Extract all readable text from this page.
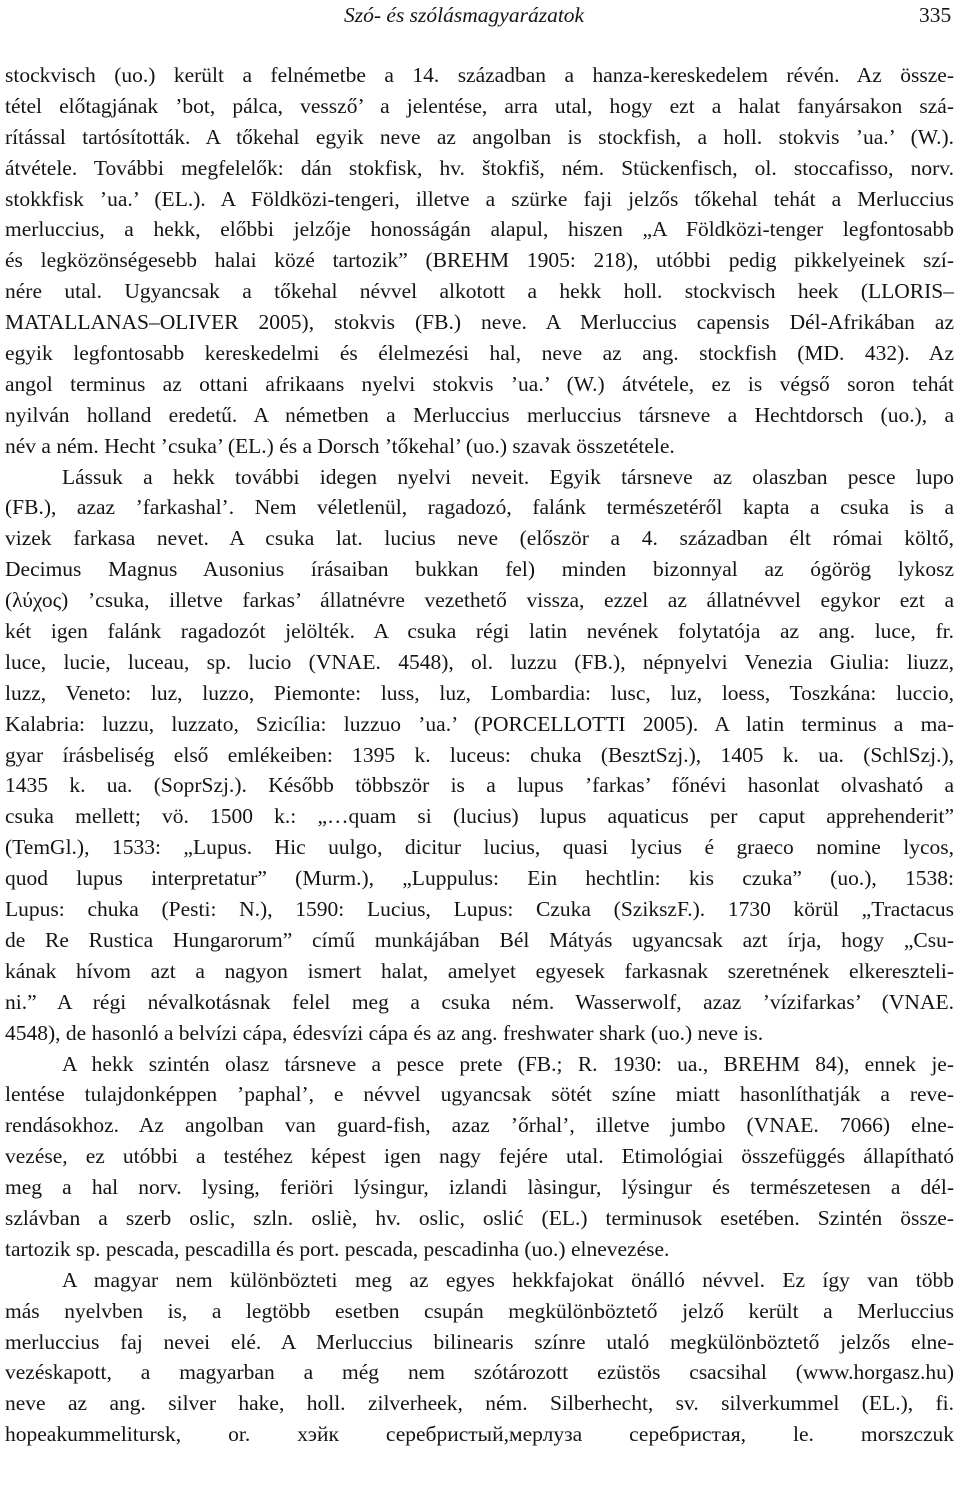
Szó- és szólásmagyarázatok	335
stockvisch (uo.) került a felnémetbe a 14. században a hanza-kereskedelem révén. Az össze-
tétel előtagjának ’bot, pálca, vessző’ a jelentése, arra utal, hogy ezt a halat fanyársakon szá-
rítással tartósították. A tőkehal egyik neve az angolban is stockfish, a holl. stokvis ’ua.’ (W.).
átvétele. További megfelelők: dán stokfisk, hv. štokfiš, ném. Stückenfisch, ol. stoccafisso, norv.
stokkfisk ’ua.’ (EL.). A Földközi-tengeri, illetve a szürke faji jelzős tőkehal tehát a Merluccius
merluccius, a hekk, előbbi jelzője honosságán alapul, hiszen „A Földközi-tenger legfontosabb
és legközönségesebb halai közé tartozik” (BREHM 1905: 218), utóbbi pedig pikkelyeinek szí-
nére utal. Ugyancsak a tőkehal névvel alkotott a hekk holl. stockvisch heek (LLORIS–
MATALLANAS–OLIVER 2005), stokvis (FB.) neve. A Merluccius capensis Dél-Afrikában az
egyik legfontosabb kereskedelmi és élelmezési hal, neve az ang. stockfish (MD. 432). Az
angol terminus az ottani afrikaans nyelvi stokvis ’ua.’ (W.) átvétele, ez is végső soron tehát
nyilván holland eredetű. A németben a Merluccius merluccius társneve a Hechtdorsch (uo.), a
név a ném. Hecht ’csuka’ (EL.) és a Dorsch ’tőkehal’ (uo.) szavak összetétele.
Lássuk a hekk további idegen nyelvi neveit. Egyik társneve az olaszban pesce lupo
(FB.), azaz ’farkashal’. Nem véletlenül, ragadozó, falánk természetéről kapta a csuka is a
vizek farkasa nevet. A csuka lat. lucius neve (először a 4. században élt római költő,
Decimus Magnus Ausonius írásaiban bukkan fel) minden bizonnyal az ógörög lykosz
(λύχος) ’csuka, illetve farkas’ állatnévre vezethető vissza, ezzel az állatnévvel egykor ezt a
két igen falánk ragadozót jelölték. A csuka régi latin nevének folytatója az ang. luce, fr.
luce, lucie, luceau, sp. lucio (VNAE. 4548), ol. luzzu (FB.), népnyelvi Venezia Giulia: liuzz,
luzz, Veneto: luz, luzzo, Piemonte: luss, luz, Lombardia: lusc, luz, loess, Toszkána: luccio,
Kalabria: luzzu, luzzato, Szicília: luzzuo ’ua.’ (PORCELLOTTI 2005). A latin terminus a ma-
gyar írásbeliség első emlékeiben: 1395 k. luceus: chuka (BesztSzj.), 1405 k. ua. (SchlSzj.),
1435 k. ua. (SoprSzj.). Később többször is a lupus ’farkas’ főnévi hasonlat olvasható a
csuka mellett; vö. 1500 k.: „…quam si (lucius) lupus aquaticus per caput apprehenderit”
(TemGl.), 1533: „Lupus. Hic uulgo, dicitur lucius, quasi lycius é graeco nomine lycos,
quod lupus interpretatur” (Murm.), „Luppulus: Ein hechtlin: kis czuka” (uo.), 1538:
Lupus: chuka (Pesti: N.), 1590: Lucius, Lupus: Czuka (SzikszF.). 1730 körül „Tractacus
de Re Rustica Hungarorum” című munkájában Bél Mátyás ugyancsak azt írja, hogy „Csu-
kának hívom azt a nagyon ismert halat, amelyet egyesek farkasnak szeretnének elkereszteli-
ni.” A régi névalkotásnak felel meg a csuka ném. Wasserwolf, azaz ’vízifarkas’ (VNAE.
4548), de hasonló a belvízi cápa, édesvízi cápa és az ang. freshwater shark (uo.) neve is.
A hekk szintén olasz társneve a pesce prete (FB.; R. 1930: ua., BREHM 84), ennek je-
lentése tulajdonképpen ’paphal’, e névvel ugyancsak sötét színe miatt hasonlíthatják a reve-
rendásokhoz. Az angolban van guard-fish, azaz ’őrhal’, illetve jumbo (VNAE. 7066) elne-
vezése, ez utóbbi a testéhez képest igen nagy fejére utal. Etimológiai összefüggés állapítható
meg a hal norv. lysing, feriöri lýsingur, izlandi làsingur, lýsingur és természetesen a dél-
szlávban a szerb oslic, szln. osliè, hv. oslic, oslić (EL.) terminusok esetében. Szintén össze-
tartozik sp. pescada, pescadilla és port. pescada, pescadinha (uo.) elnevezése.
A magyar nem különbözteti meg az egyes hekkfajokat önálló névvel. Ez így van több
más nyelvben is, a legtöbb esetben csupán megkülönböztető jelző került a Merluccius
merluccius faj nevei elé. A Merluccius bilinearis színre utaló megkülönböztető jelzős elne-
vezéskapott, a magyarban a még nem szótározott ezüstös csacsihal (www.horgasz.hu)
neve az ang. silver hake, holl. zilverheek, ném. Silberhecht, sv. silverkummel (EL.), fi.
hopeakummelitursk, or. хэйк серебристый,мерлуза серебристая, le. morszczuk
